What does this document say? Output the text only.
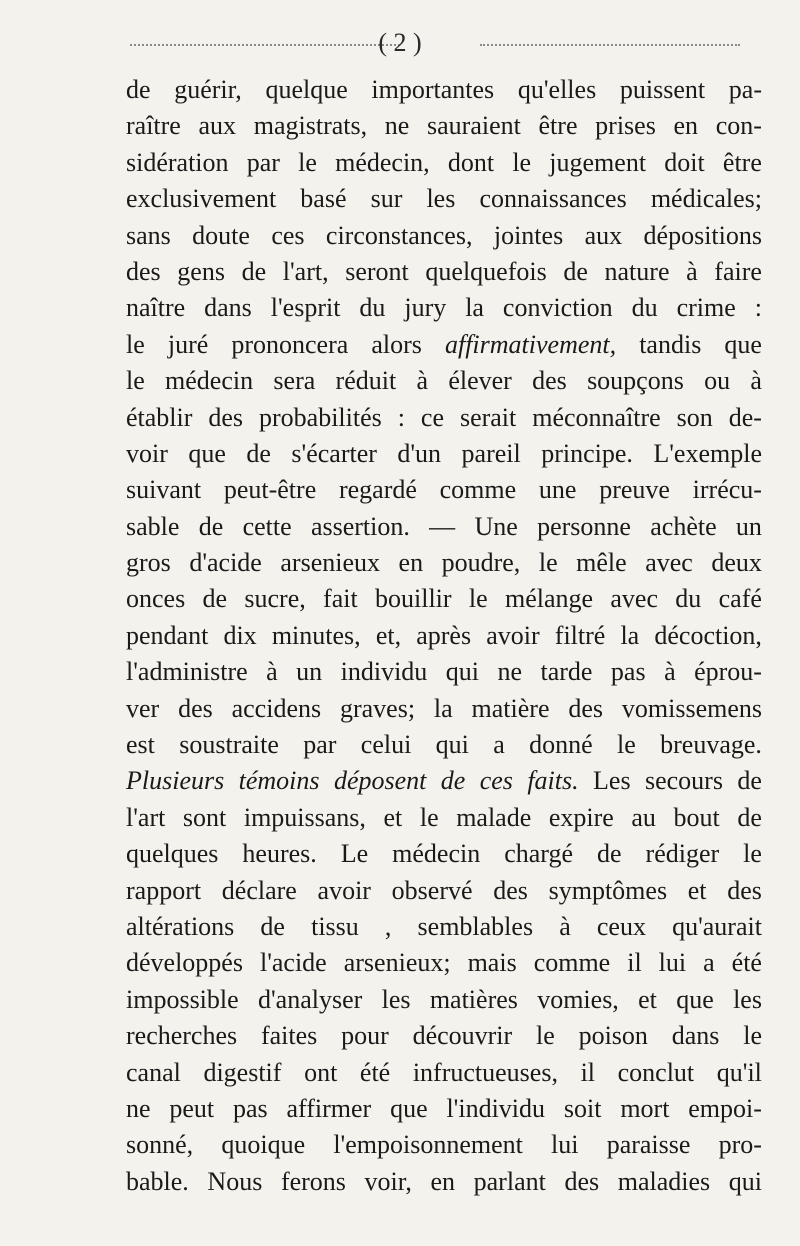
( 2 )
de guérir, quelque importantes qu'elles puissent pa-
raître aux magistrats, ne sauraient être prises en con-
sidération par le médecin, dont le jugement doit être
exclusivement basé sur les connaissances médicales;
sans doute ces circonstances, jointes aux dépositions
des gens de l'art, seront quelquefois de nature à faire
naître dans l'esprit du jury la conviction du crime :
le juré prononcera alors affirmativement, tandis que
le médecin sera réduit à élever des soupçons ou à
établir des probabilités : ce serait méconnaître son de-
voir que de s'écarter d'un pareil principe. L'exemple
suivant peut-être regardé comme une preuve irrécu-
sable de cette assertion. — Une personne achète un
gros d'acide arsenieux en poudre, le mêle avec deux
onces de sucre, fait bouillir le mélange avec du café
pendant dix minutes, et, après avoir filtré la décoction,
l'administre à un individu qui ne tarde pas à éprou-
ver des accidens graves; la matière des vomissemens
est soustraite par celui qui a donné le breuvage.
Plusieurs témoins déposent de ces faits. Les secours de
l'art sont impuissans, et le malade expire au bout de
quelques heures. Le médecin chargé de rédiger le
rapport déclare avoir observé des symptômes et des
altérations de tissu , semblables à ceux qu'aurait
développés l'acide arsenieux; mais comme il lui a été
impossible d'analyser les matières vomies, et que les
recherches faites pour découvrir le poison dans le
canal digestif ont été infructueuses, il conclut qu'il
ne peut pas affirmer que l'individu soit mort empoi-
sonné, quoique l'empoisonnement lui paraisse pro-
bable. Nous ferons voir, en parlant des maladies qui
